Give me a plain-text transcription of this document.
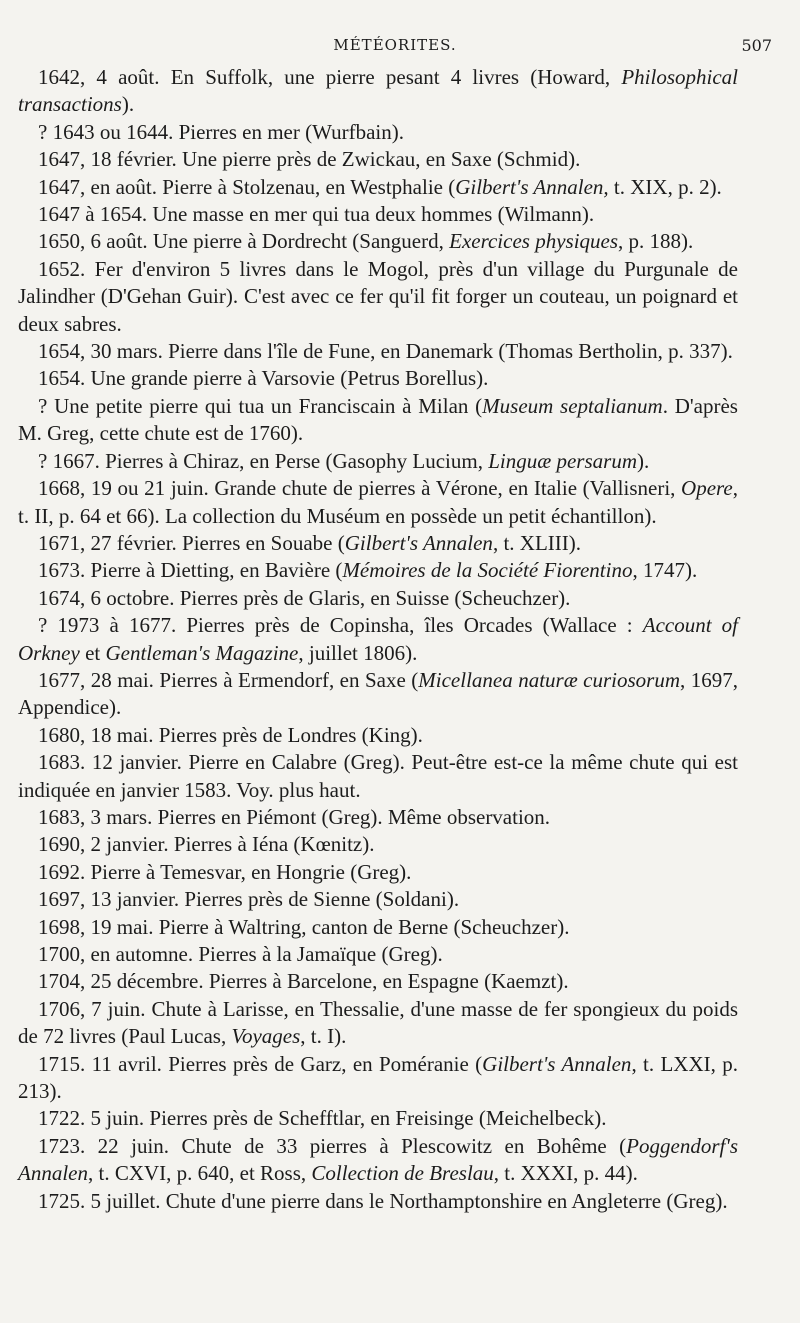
MÉTÉORITES.	507

1642, 4 août. En Suffolk, une pierre pesant 4 livres (Howard, Philosophical transactions).

? 1643 ou 1644. Pierres en mer (Wurfbain).

1647, 18 février. Une pierre près de Zwickau, en Saxe (Schmid).

1647, en août. Pierre à Stolzenau, en Westphalie (Gilbert's Annalen, t. XIX, p. 2).

1647 à 1654. Une masse en mer qui tua deux hommes (Wilmann).

1650, 6 août. Une pierre à Dordrecht (Sanguerd, Exercices physiques, p. 188).

1652. Fer d'environ 5 livres dans le Mogol, près d'un village du Purgunale de Jalindher (D'Gehan Guir). C'est avec ce fer qu'il fit forger un couteau, un poignard et deux sabres.

1654, 30 mars. Pierre dans l'île de Fune, en Danemark (Thomas Bertholin, p. 337).

1654. Une grande pierre à Varsovie (Petrus Borellus).

? Une petite pierre qui tua un Franciscain à Milan (Museum septalianum. D'après M. Greg, cette chute est de 1760).

? 1667. Pierres à Chiraz, en Perse (Gasophy Lucium, Linguæ persarum).

1668, 19 ou 21 juin. Grande chute de pierres à Vérone, en Italie (Vallisneri, Opere, t. II, p. 64 et 66). La collection du Muséum en possède un petit échantillon).

1671, 27 février. Pierres en Souabe (Gilbert's Annalen, t. XLIII).

1673. Pierre à Dietting, en Bavière (Mémoires de la Société Fiorentino, 1747).

1674, 6 octobre. Pierres près de Glaris, en Suisse (Scheuchzer).

? 1973 à 1677. Pierres près de Copinsha, îles Orcades (Wallace : Account of Orkney et Gentleman's Magazine, juillet 1806).

1677, 28 mai. Pierres à Ermendorf, en Saxe (Micellanea naturæ curiosorum, 1697, Appendice).

1680, 18 mai. Pierres près de Londres (King).

1683. 12 janvier. Pierre en Calabre (Greg). Peut-être est-ce la même chute qui est indiquée en janvier 1583. Voy. plus haut.

1683, 3 mars. Pierres en Piémont (Greg). Même observation.

1690, 2 janvier. Pierres à Iéna (Kœnitz).

1692. Pierre à Temesvar, en Hongrie (Greg).

1697, 13 janvier. Pierres près de Sienne (Soldani).

1698, 19 mai. Pierre à Waltring, canton de Berne (Scheuchzer).

1700, en automne. Pierres à la Jamaïque (Greg).

1704, 25 décembre. Pierres à Barcelone, en Espagne (Kaemzt).

1706, 7 juin. Chute à Larisse, en Thessalie, d'une masse de fer spongieux du poids de 72 livres (Paul Lucas, Voyages, t. I).

1715. 11 avril. Pierres près de Garz, en Poméranie (Gilbert's Annalen, t. LXXI, p. 213).

1722. 5 juin. Pierres près de Schefftlar, en Freisinge (Meichelbeck).

1723. 22 juin. Chute de 33 pierres à Plescowitz en Bohême (Poggendorf's Annalen, t. CXVI, p. 640, et Ross, Collection de Breslau, t. XXXI, p. 44).

1725. 5 juillet. Chute d'une pierre dans le Northamptonshire en Angleterre (Greg).
